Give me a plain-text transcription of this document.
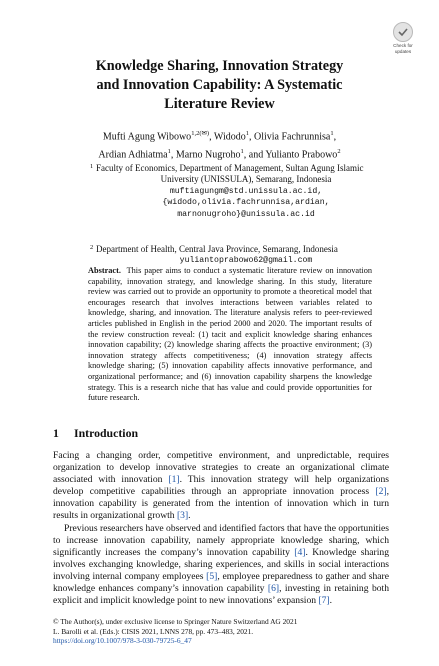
Check for
updates
Knowledge Sharing, Innovation Strategy
and Innovation Capability: A Systematic
Literature Review
Mufti Agung Wibowo$^{1,2(✉)}$, Widodo$^1$, Olivia Fachrunnisa$^1$,
Ardian Adhiatma$^1$, Marno Nugroho$^1$, and Yulianto Prabowo$^2$
1 Faculty of Economics, Department of Management, Sultan Agung Islamic
University (UNISSULA), Semarang, Indonesia
muftiagungm@std.unissula.ac.id,
{widodo,olivia.fachrunnisa,ardian,
marnonugroho}@unissula.ac.id
2 Department of Health, Central Java Province, Semarang, Indonesia
yuliantoprabowo62@gmail.com
Abstract. This paper aims to conduct a systematic literature review on innovation capability, innovation strategy, and knowledge sharing. In this study, literature review was carried out to provide an opportunity to promote a theoretical model that encourages research that involves interactions between variables related to knowledge, sharing, and innovation. The literature analysis refers to peer-reviewed articles published in English in the period 2000 and 2020. The important results of the review construction reveal: (1) tacit and explicit knowledge sharing enhances innovation capability; (2) knowledge sharing affects the proactive environment; (3) innovation strategy affects competitiveness; (4) innovation strategy affects knowledge sharing; (5) innovation capability affects innovative performance, and organizational performance; and (6) innovation capability sharpens the knowledge strategy. This is a research niche that has value and could provide opportunities for future research.
1 Introduction

Facing a changing order, competitive environment, and unpredictable, requires organization to develop innovative strategies to create an organizational climate associated with innovation [1]. This innovation strategy will help organizations develop competitive capabilities through an appropriate innovation process [2], innovation capability is generated from the intention of innovation which in turn results in organizational growth [3].

Previous researchers have observed and identified factors that have the opportunities to increase innovation capability, namely appropriate knowledge sharing, which significantly increases the company’s innovation capability [4]. Knowledge sharing involves exchanging knowledge, sharing experiences, and skills in social interactions involving internal company employees [5], employee preparedness to gather and share knowledge enhances company’s innovation capability [6], investing in retaining both explicit and implicit knowledge point to new innovations’ expansion [7].

© The Author(s), under exclusive license to Springer Nature Switzerland AG 2021
L. Barolli et al. (Eds.): CISIS 2021, LNNS 278, pp. 473–483, 2021.
https://doi.org/10.1007/978-3-030-79725-6_47
